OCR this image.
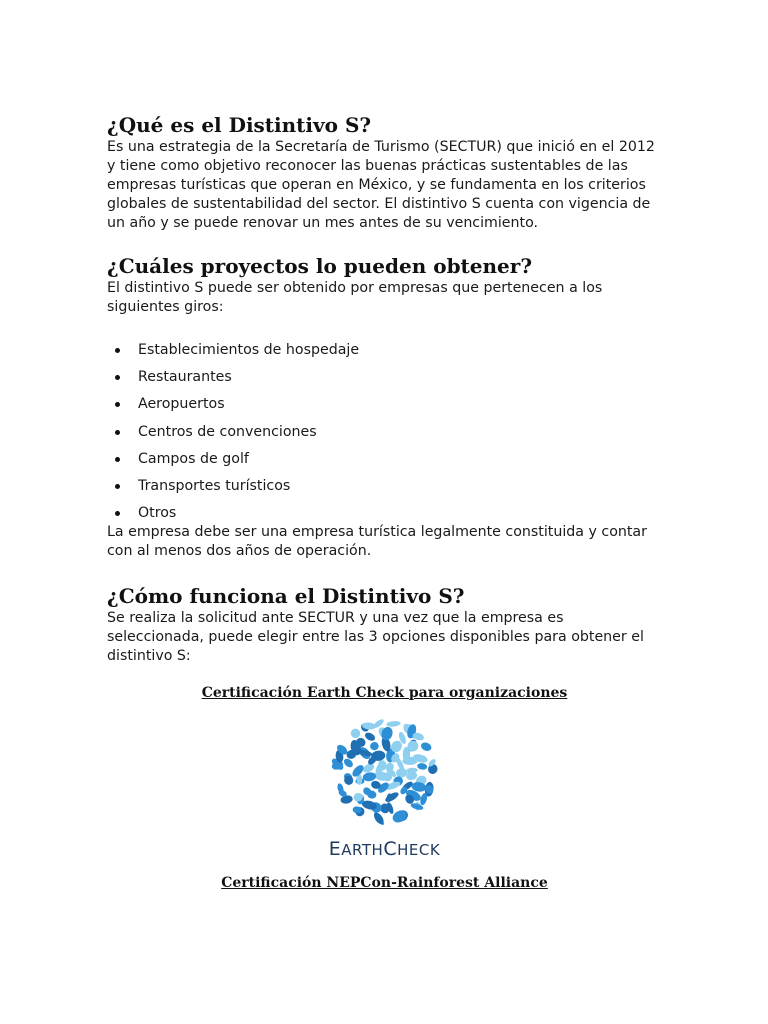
¿Qué es el Distintivo S?

Es una estrategia de la Secretaría de Turismo (SECTUR) que inició en el 2012 y tiene como objetivo reconocer las buenas prácticas sustentables de las empresas turísticas que operan en México, y se fundamenta en los criterios globales de sustentabilidad del sector. El distintivo S cuenta con vigencia de un año y se puede renovar un mes antes de su vencimiento.

¿Cuáles proyectos lo pueden obtener?

El distintivo S puede ser obtenido por empresas que pertenecen a los siguientes giros:

Establecimientos de hospedaje
Restaurantes
Aeropuertos
Centros de convenciones
Campos de golf
Transportes turísticos
Otros

La empresa debe ser una empresa turística legalmente constituida y contar con al menos dos años de operación.

¿Cómo funciona el Distintivo S?

Se realiza la solicitud ante SECTUR y una vez que la empresa es seleccionada, puede elegir entre las 3 opciones disponibles para obtener el distintivo S:

Certificación Earth Check para organizaciones
EARTHCHECK
Certificación NEPCon-Rainforest Alliance
